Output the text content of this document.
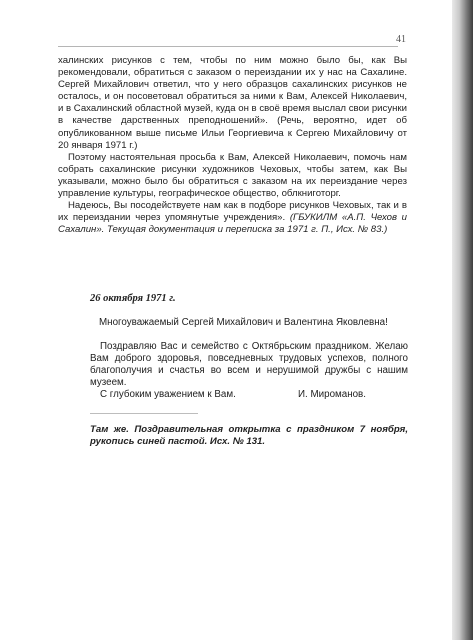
41

халинских рисунков с тем, чтобы по ним можно было бы, как Вы рекомендовали, обратиться с заказом о переиздании их у нас на Сахалине. Сергей Михайлович ответил, что у него образцов сахалинских рисунков не осталось, и он посоветовал обратиться за ними к Вам, Алексей Николаевич, и в Сахалинский областной музей, куда он в своё время выслал свои рисунки в качестве дарственных преподношений». (Речь, вероятно, идет об опубликованном выше письме Ильи Георгиевича к Сергею Михайловичу от 20 января 1971 г.)

Поэтому настоятельная просьба к Вам, Алексей Николаевич, помочь нам собрать сахалинские рисунки художников Чеховых, чтобы затем, как Вы указывали, можно было бы обратиться с заказом на их переиздание через управление культуры, географическое общество, облкниготорг.

Надеюсь, Вы посодействуете нам как в подборе рисунков Чеховых, так и в их переиздании через упомянутые учреждения». (ГБУКИЛМ «А.П. Чехов и Сахалин». Текущая документация и переписка за 1971 г. П., Исх. № 83.)

26 октября 1971 г.
Многоуважаемый Сергей Михайлович и Валентина Яковлевна!

Поздравляю Вас и семейство с Октябрьским праздником. Желаю Вам доброго здоровья, повседневных трудовых успехов, полного благополучия и счастья во всем и нерушимой дружбы с нашим музеем.

С глубоким уважением к Вам.	И. Мироманов.
Там же. Поздравительная открытка с праздником 7 ноября, рукопись синей пастой. Исх. № 131.
